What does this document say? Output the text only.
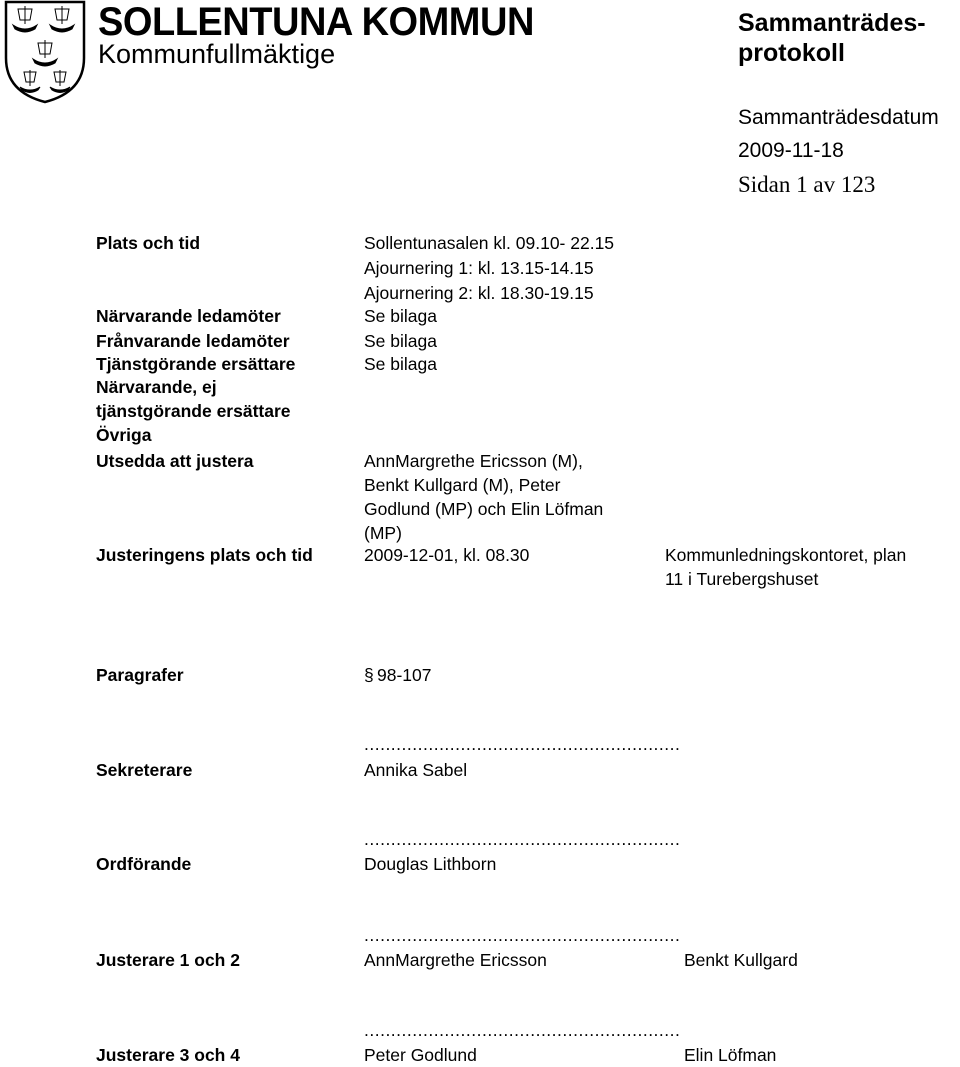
SOLLENTUNA KOMMUN
Kommunfullmäktige
Sammanträdes-protokoll
Sammanträdesdatum
2009-11-18
Sidan 1 av 123
Plats och tid	Sollentunasalen kl. 09.10- 22.15
Ajournering 1: kl. 13.15-14.15
Ajournering 2: kl. 18.30-19.15
Närvarande ledamöter	Se bilaga
Frånvarande ledamöter	Se bilaga
Tjänstgörande ersättare	Se bilaga
Närvarande, ej
tjänstgörande ersättare
Övriga
Utsedda att justera	AnnMargrethe Ericsson (M),
Benkt Kullgard (M), Peter
Godlund (MP) och Elin Löfman
(MP)
Justeringens plats och tid	2009-12-01, kl. 08.30	Kommunledningskontoret, plan
11 i Turebergshuset
Paragrafer	§ 98-107
...........................................................
Sekreterare	Annika Sabel
...........................................................
Ordförande	Douglas Lithborn
...........................................................
Justerare 1 och 2	AnnMargrethe Ericsson	Benkt Kullgard
...........................................................
Justerare 3 och 4	Peter Godlund	Elin Löfman
